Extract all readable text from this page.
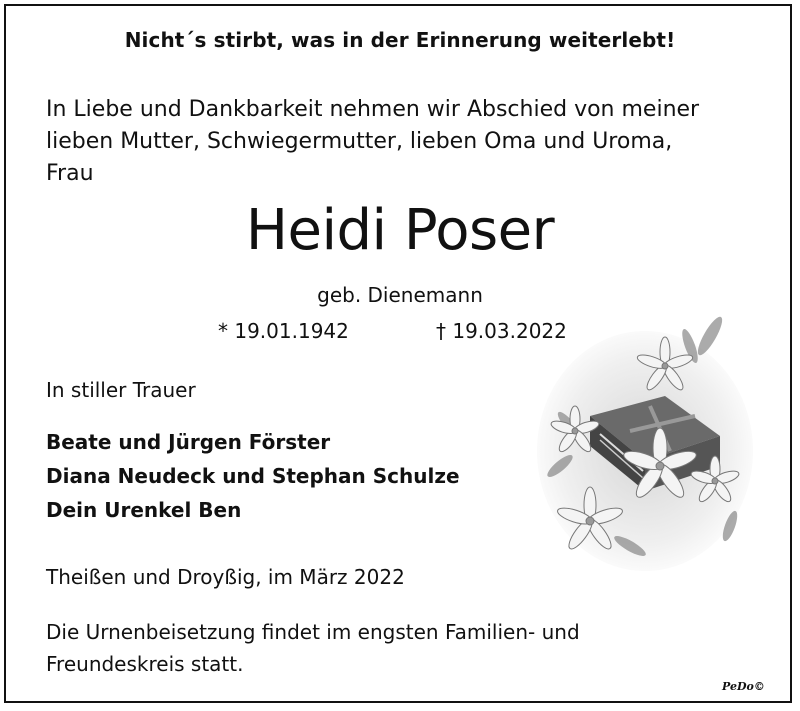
Nicht´s stirbt, was in der Erinnerung weiterlebt!
In Liebe und Dankbarkeit nehmen wir Abschied von meiner
lieben Mutter, Schwiegermutter, lieben Oma und Uroma,
Frau
Heidi Poser
geb. Dienemann
* 19.01.1942	† 19.03.2022
In stiller Trauer
Beate und Jürgen Förster
Diana Neudeck und Stephan Schulze
Dein Urenkel Ben
Theißen und Droyßig, im März 2022
Die Urnenbeisetzung findet im engsten Familien- und
Freundeskreis statt.
PeDo©
